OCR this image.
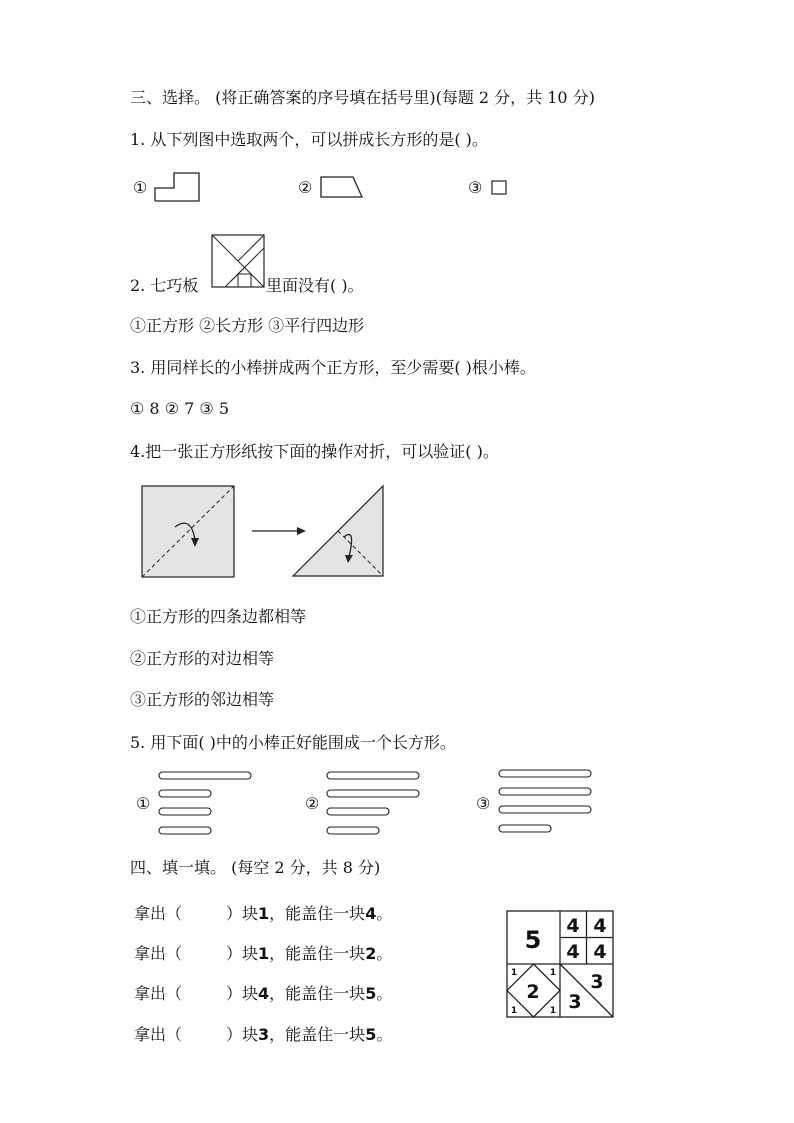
三、选择。 (将正确答案的序号填在括号里)(每题 2 分，共 10 分)
1. 从下列图中选取两个，可以拼成长方形的是( )。
①	②	③
2. 七巧板	里面没有( )。
①正方形 ②长方形 ③平行四边形
3. 用同样长的小棒拼成两个正方形，至少需要( )根小棒。
① 8 ② 7 ③ 5
4.把一张正方形纸按下面的操作对折，可以验证( )。
①正方形的四条边都相等
②正方形的对边相等
③正方形的邻边相等
5. 用下面( )中的小棒正好能围成一个长方形。
①	②	③
四、填一填。 (每空 2 分，共 8 分)
拿出（	）块1，能盖住一块4。
拿出（	）块1，能盖住一块2。
拿出（	）块4，能盖住一块5。
拿出（	）块3，能盖住一块5。
5 4 4
4 4
2	3
3
1	1
1	1
